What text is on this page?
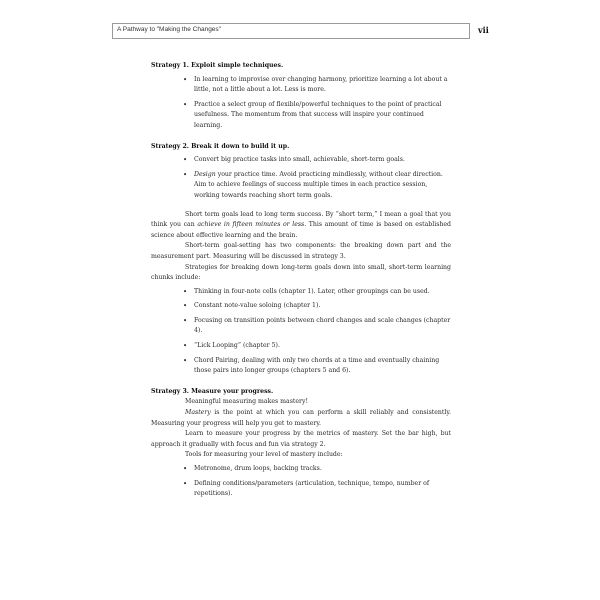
A Pathway to "Making the Changes"	vii

Strategy 1. Exploit simple techniques.

• In learning to improvise over changing harmony, prioritize learning a lot about a little, not a little about a lot. Less is more.
• Practice a select group of flexible/powerful techniques to the point of practical usefulness. The momentum from that success will inspire your continued learning.

Strategy 2. Break it down to build it up.

• Convert big practice tasks into small, achievable, short-term goals.
• Design your practice time. Avoid practicing mindlessly, without clear direction. Aim to achieve feelings of success multiple times in each practice session, working towards reaching short term goals.

Short term goals lead to long term success. By “short term,” I mean a goal that you think you can achieve in fifteen minutes or less. This amount of time is based on established science about effective learning and the brain.

Short-term goal-setting has two components: the breaking down part and the measurement part. Measuring will be discussed in strategy 3.

Strategies for breaking down long-term goals down into small, short-term learning chunks include:

• Thinking in four-note cells (chapter 1). Later, other groupings can be used.
• Constant note-value soloing (chapter 1).
• Focusing on transition points between chord changes and scale changes (chapter 4).
• “Lick Looping” (chapter 5).
• Chord Pairing, dealing with only two chords at a time and eventually chaining those pairs into longer groups (chapters 5 and 6).

Strategy 3. Measure your progress.

Meaningful measuring makes mastery!

Mastery is the point at which you can perform a skill reliably and consistently. Measuring your progress will help you get to mastery.

Learn to measure your progress by the metrics of mastery. Set the bar high, but approach it gradually with focus and fun via strategy 2.

Tools for measuring your level of mastery include:

• Metronome, drum loops, backing tracks.
• Defining conditions/parameters (articulation, technique, tempo, number of repetitions).
